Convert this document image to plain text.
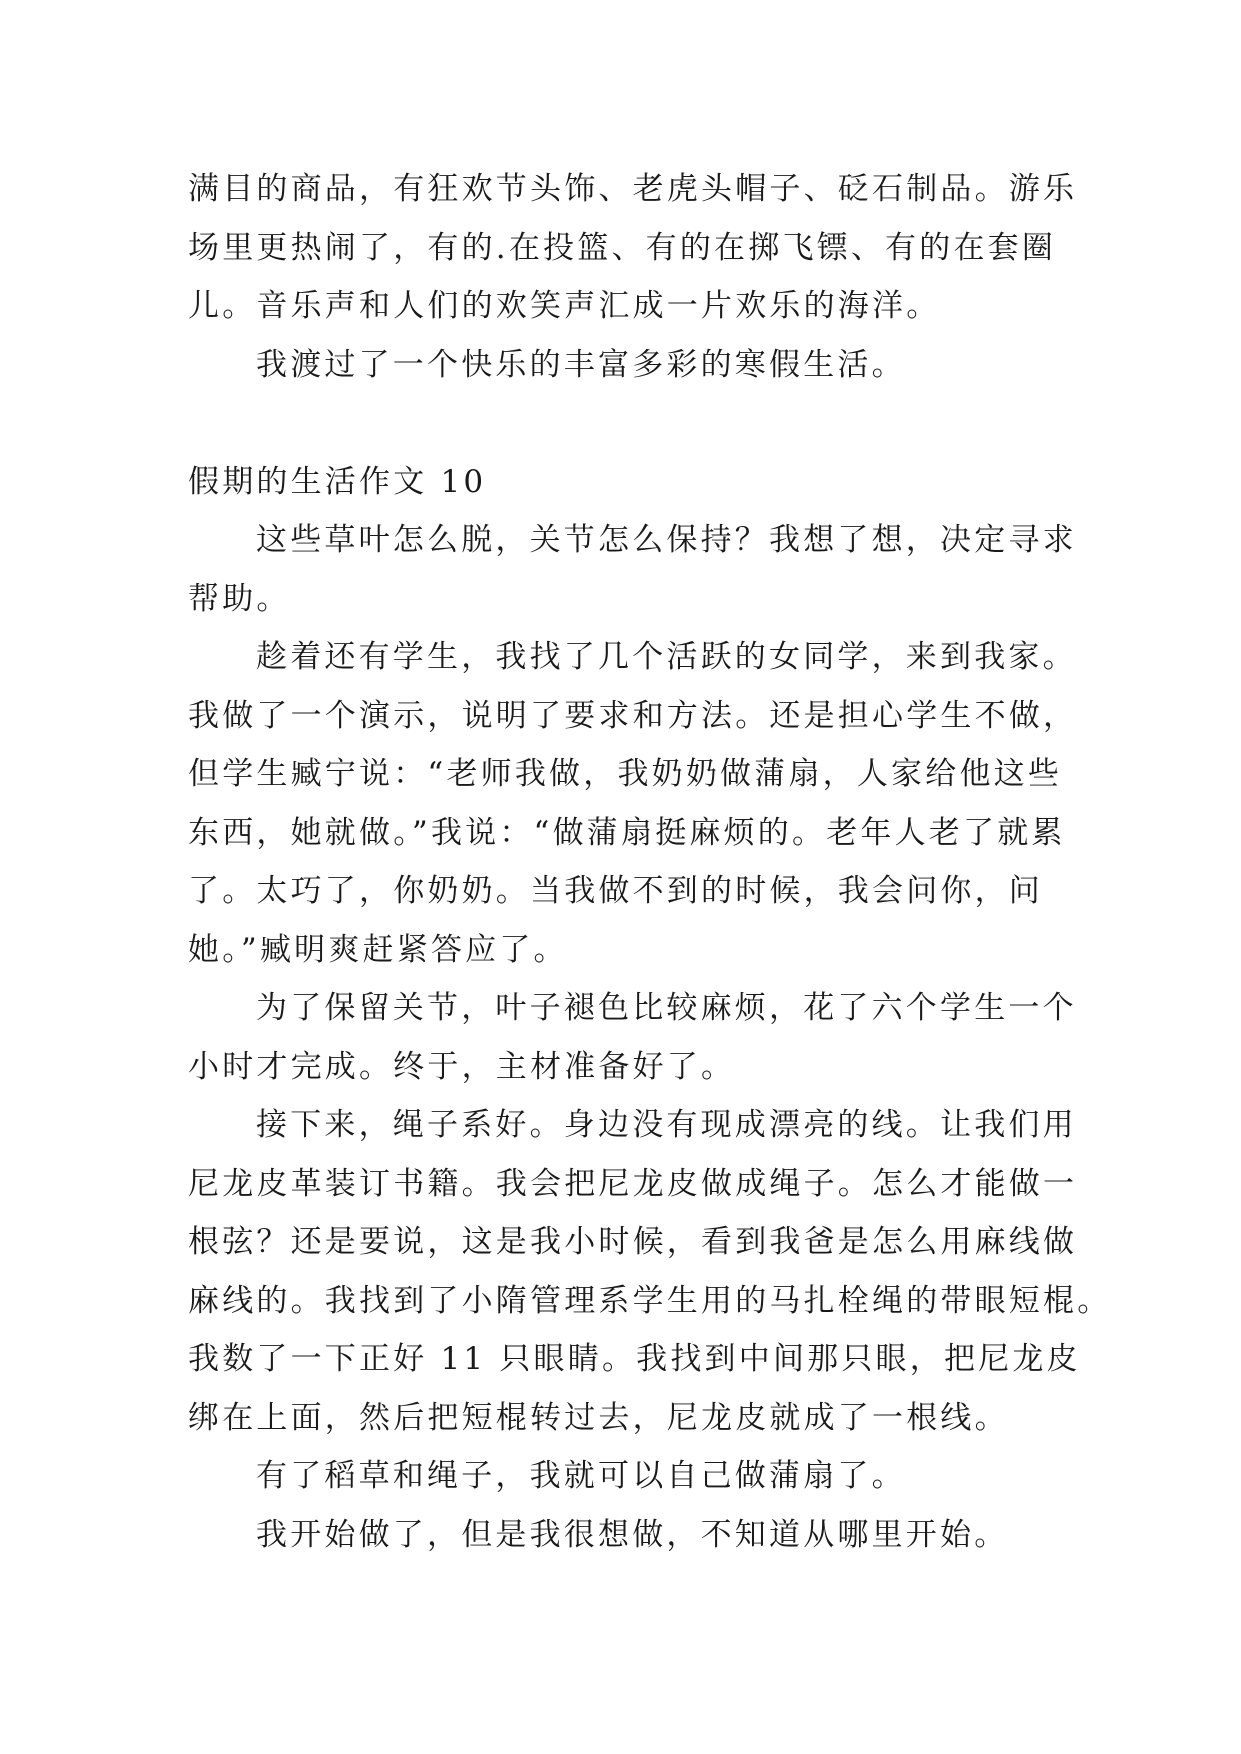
满目的商品，有狂欢节头饰、老虎头帽子、砭石制品。游乐
场里更热闹了，有的.在投篮、有的在掷飞镖、有的在套圈
儿。音乐声和人们的欢笑声汇成一片欢乐的海洋。
我渡过了一个快乐的丰富多彩的寒假生活。
假期的生活作文 10
这些草叶怎么脱，关节怎么保持？我想了想，决定寻求
帮助。
趁着还有学生，我找了几个活跃的女同学，来到我家。
我做了一个演示，说明了要求和方法。还是担心学生不做，
但学生臧宁说：“老师我做，我奶奶做蒲扇，人家给他这些
东西，她就做。”我说：“做蒲扇挺麻烦的。老年人老了就累
了。太巧了，你奶奶。当我做不到的时候，我会问你，问
她。”臧明爽赶紧答应了。
为了保留关节，叶子褪色比较麻烦，花了六个学生一个
小时才完成。终于，主材准备好了。
接下来，绳子系好。身边没有现成漂亮的线。让我们用
尼龙皮革装订书籍。我会把尼龙皮做成绳子。怎么才能做一
根弦？还是要说，这是我小时候，看到我爸是怎么用麻线做
麻线的。我找到了小隋管理系学生用的马扎栓绳的带眼短棍。
我数了一下正好 11 只眼睛。我找到中间那只眼，把尼龙皮
绑在上面，然后把短棍转过去，尼龙皮就成了一根线。
有了稻草和绳子，我就可以自己做蒲扇了。
我开始做了，但是我很想做，不知道从哪里开始。
